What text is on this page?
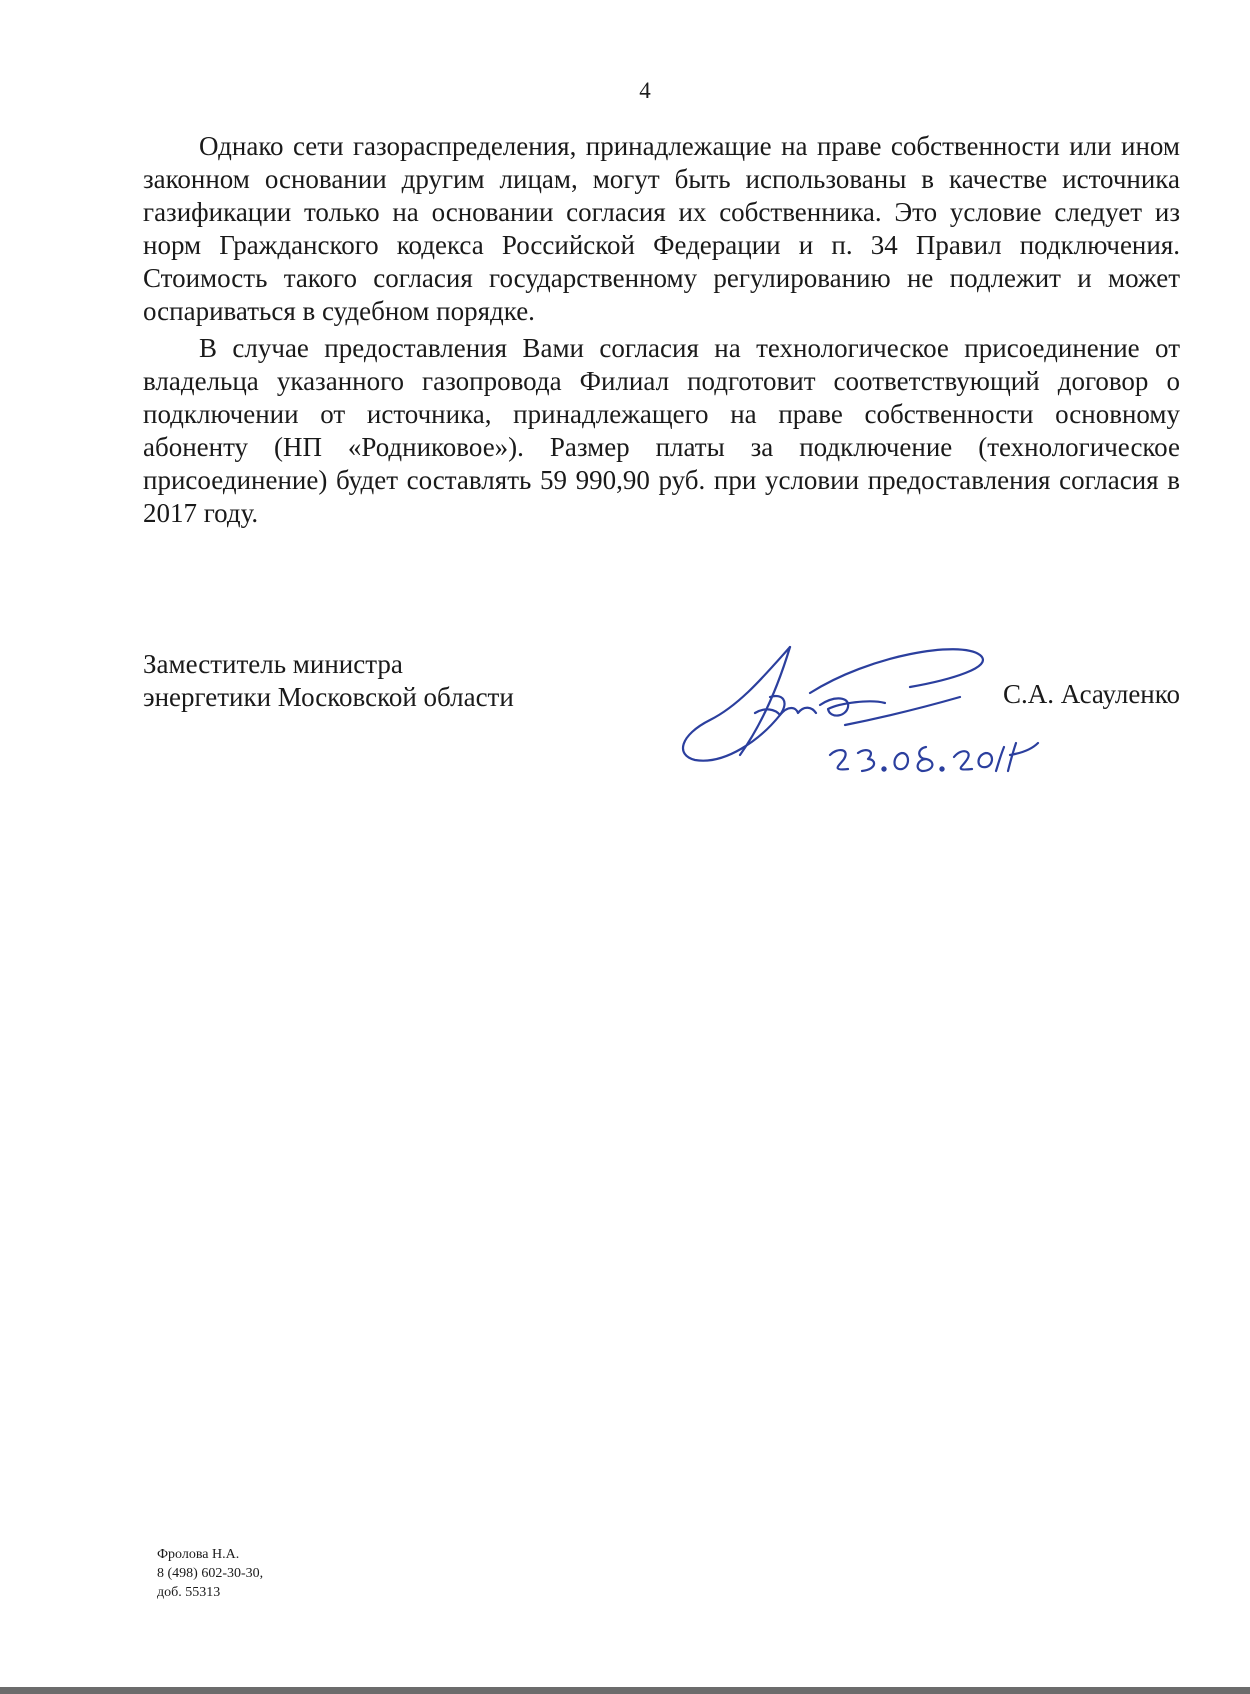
4

Однако сети газораспределения, принадлежащие на праве собственности или ином законном основании другим лицам, могут быть использованы в качестве источника газификации только на основании согласия их собственника. Это условие следует из норм Гражданского кодекса Российской Федерации и п. 34 Правил подключения. Стоимость такого согласия государственному регулированию не подлежит и может оспариваться в судебном порядке.

В случае предоставления Вами согласия на технологическое присоединение от владельца указанного газопровода Филиал подготовит соответствующий договор о подключении от источника, принадлежащего на праве собственности основному абоненту (НП «Родниковое»). Размер платы за подключение (технологическое присоединение) будет составлять 59 990,90 руб. при условии предоставления согласия в 2017 году.

Заместитель министра
энергетики Московской области	С.А. Асауленко
Фролова Н.А.
8 (498) 602-30-30,
доб. 55313
